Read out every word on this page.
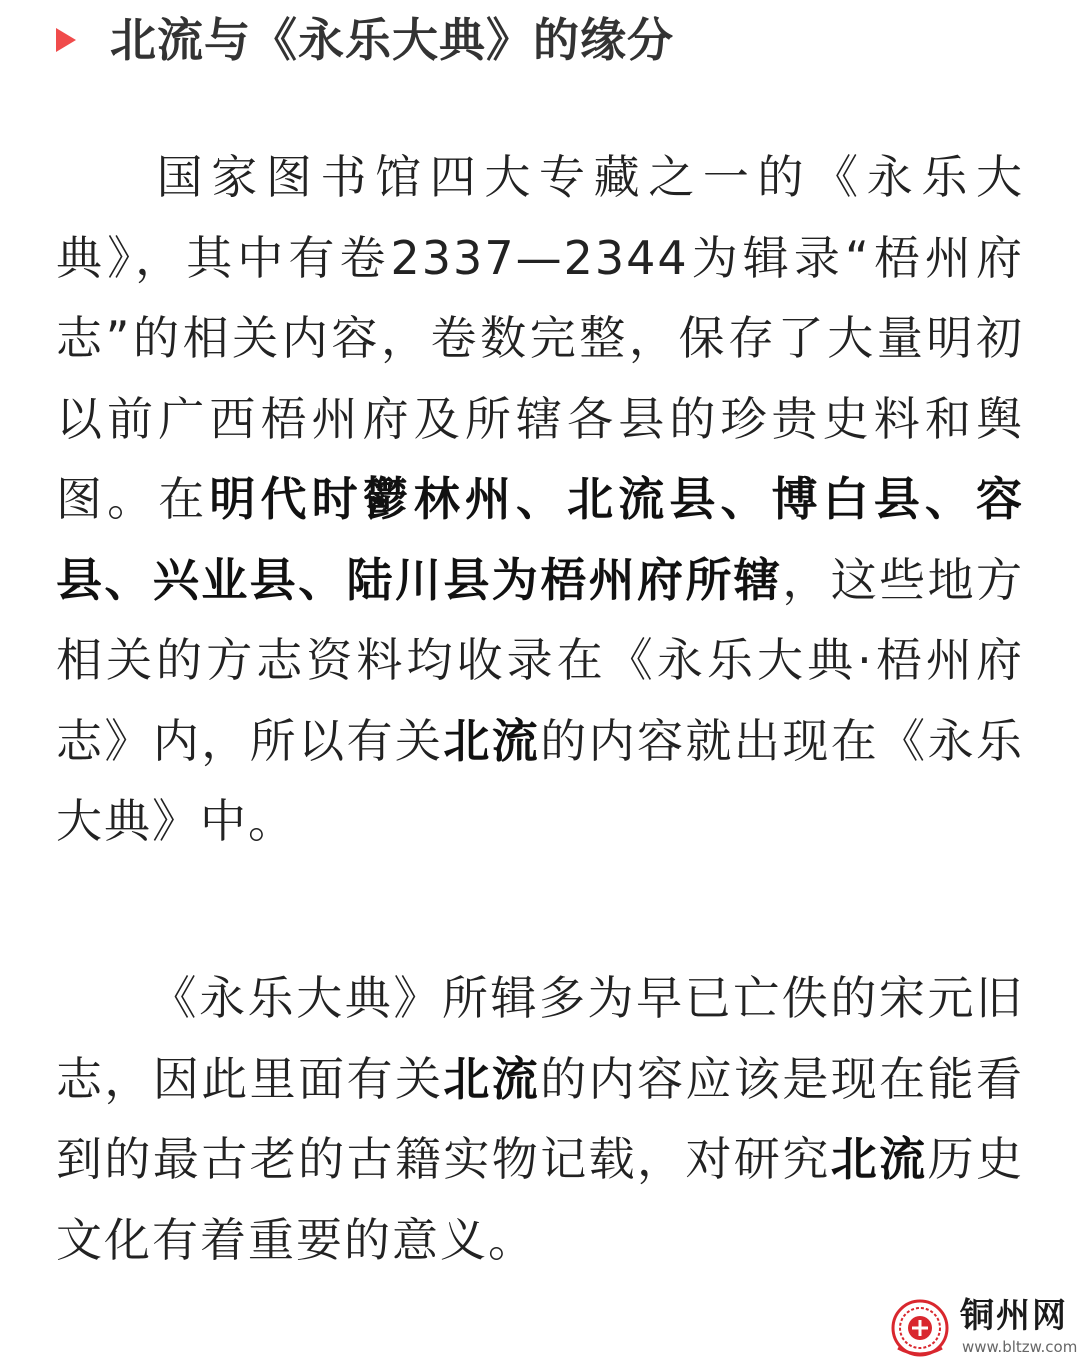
北流与《永乐大典》的缘分

国家图书馆四大专藏之一的《永乐大典》，其中有卷2337—2344为辑录“梧州府志”的相关内容，卷数完整，保存了大量明初以前广西梧州府及所辖各县的珍贵史料和舆图。在明代时鬱林州、北流县、博白县、容县、兴业县、陆川县为梧州府所辖，这些地方相关的方志资料均收录在《永乐大典·梧州府志》内，所以有关北流的内容就出现在《永乐大典》中。

《永乐大典》所辑多为早已亡佚的宋元旧志，因此里面有关北流的内容应该是现在能看到的最古老的古籍实物记载，对研究北流历史文化有着重要的意义。

铜州网
www.bltzw.com
